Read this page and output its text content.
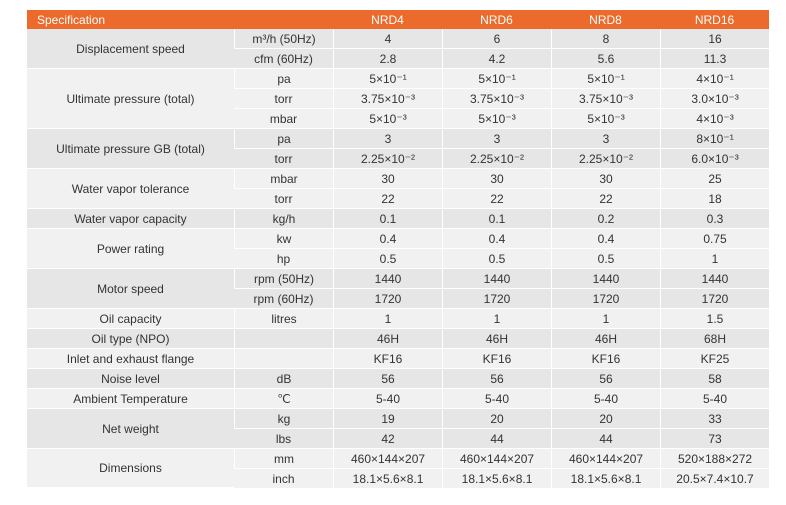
Specification		NRD4	NRD6	NRD8	NRD16
Displacement speed	m³/h (50Hz)	4	6	8	16
	cfm (60Hz)	2.8	4.2	5.6	11.3
Ultimate pressure (total)	pa	5×10⁻¹	5×10⁻¹	5×10⁻¹	4×10⁻¹
	torr	3.75×10⁻³	3.75×10⁻³	3.75×10⁻³	3.0×10⁻³
	mbar	5×10⁻³	5×10⁻³	5×10⁻³	4×10⁻³
Ultimate pressure GB (total)	pa	3	3	3	8×10⁻¹
	torr	2.25×10⁻²	2.25×10⁻²	2.25×10⁻²	6.0×10⁻³
Water vapor tolerance	mbar	30	30	30	25
	torr	22	22	22	18
Water vapor capacity	kg/h	0.1	0.1	0.2	0.3
Power rating	kw	0.4	0.4	0.4	0.75
	hp	0.5	0.5	0.5	1
Motor speed	rpm (50Hz)	1440	1440	1440	1440
	rpm (60Hz)	1720	1720	1720	1720
Oil capacity	litres	1	1	1	1.5
Oil type (NPO)		46H	46H	46H	68H
Inlet and exhaust flange		KF16	KF16	KF16	KF25
Noise level	dB	56	56	56	58
Ambient Temperature	℃	5-40	5-40	5-40	5-40
Net weight	kg	19	20	20	33
	lbs	42	44	44	73
Dimensions	mm	460×144×207	460×144×207	460×144×207	520×188×272
	inch	18.1×5.6×8.1	18.1×5.6×8.1	18.1×5.6×8.1	20.5×7.4×10.7
